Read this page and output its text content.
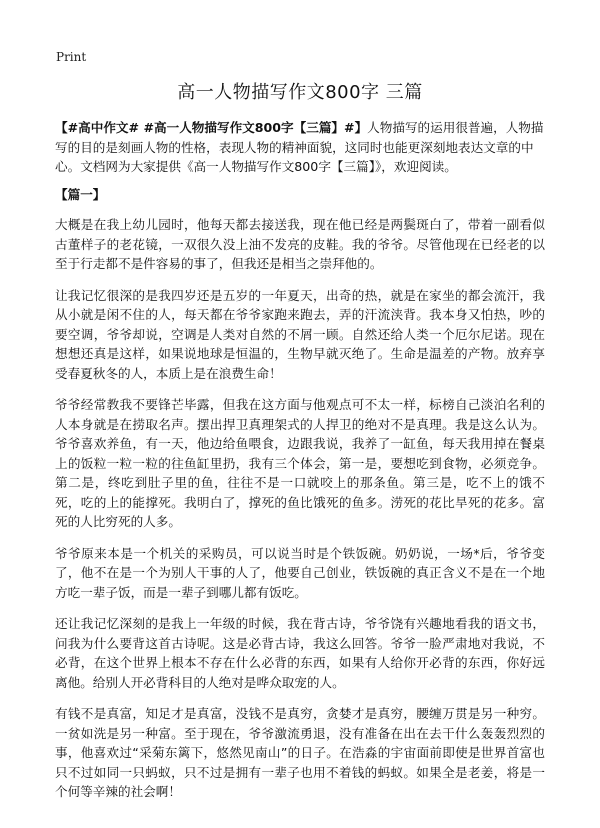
Print
高一人物描写作文800字 三篇

【#高中作文# #高一人物描写作文800字【三篇】#】人物描写的运用很普遍，人物描写的目的是刻画人物的性格，表现人物的精神面貌，这同时也能更深刻地表达文章的中心。文档网为大家提供《高一人物描写作文800字【三篇】》，欢迎阅读。

【篇一】

大概是在我上幼儿园时，他每天都去接送我，现在他已经是两鬓斑白了，带着一副看似古董样子的老花镜，一双很久没上油不发亮的皮鞋。我的爷爷。尽管他现在已经老的以至于行走都不是件容易的事了，但我还是相当之崇拜他的。

让我记忆很深的是我四岁还是五岁的一年夏天，出奇的热，就是在家坐的都会流汗，我从小就是闲不住的人，每天都在爷爷家跑来跑去，弄的汗流浃背。我本身又怕热，吵的要空调，爷爷却说，空调是人类对自然的不屑一顾。自然还给人类一个厄尔尼诺。现在想想还真是这样，如果说地球是恒温的，生物早就灭绝了。生命是温差的产物。放弃享受春夏秋冬的人，本质上是在浪费生命！

爷爷经常教我不要锋芒毕露，但我在这方面与他观点可不太一样，标榜自己淡泊名利的人本身就是在捞取名声。摆出捍卫真理架式的人捍卫的绝对不是真理。我是这么认为。爷爷喜欢养鱼，有一天，他边给鱼喂食，边跟我说，我养了一缸鱼，每天我用掉在餐桌上的饭粒一粒一粒的往鱼缸里扔，我有三个体会，第一是，要想吃到食物，必须竞争。第二是，终吃到肚子里的鱼，往往不是一口就咬上的那条鱼。第三是，吃不上的饿不死，吃的上的能撑死。我明白了，撑死的鱼比饿死的鱼多。涝死的花比旱死的花多。富死的人比穷死的人多。

爷爷原来本是一个机关的采购员，可以说当时是个铁饭碗。奶奶说，一场*后，爷爷变了，他不在是一个为别人干事的人了，他要自己创业，铁饭碗的真正含义不是在一个地方吃一辈子饭，而是一辈子到哪儿都有饭吃。

还让我记忆深刻的是我上一年级的时候，我在背古诗，爷爷饶有兴趣地看我的语文书，问我为什么要背这首古诗呢。这是必背古诗，我这么回答。爷爷一脸严肃地对我说，不必背，在这个世界上根本不存在什么必背的东西，如果有人给你开必背的东西，你好远离他。给别人开必背科目的人绝对是哗众取宠的人。

有钱不是真富，知足才是真富，没钱不是真穷，贪婪才是真穷，腰缠万贯是另一种穷。一贫如洗是另一种富。至于现在，爷爷激流勇退，没有准备在出在去干什么轰轰烈烈的事，他喜欢过“采菊东篱下，悠然见南山”的日子。在浩淼的宇宙面前即使是世界首富也只不过如同一只蚂蚁，只不过是拥有一辈子也用不着钱的蚂蚁。如果全是老姜，将是一个何等辛辣的社会啊！
